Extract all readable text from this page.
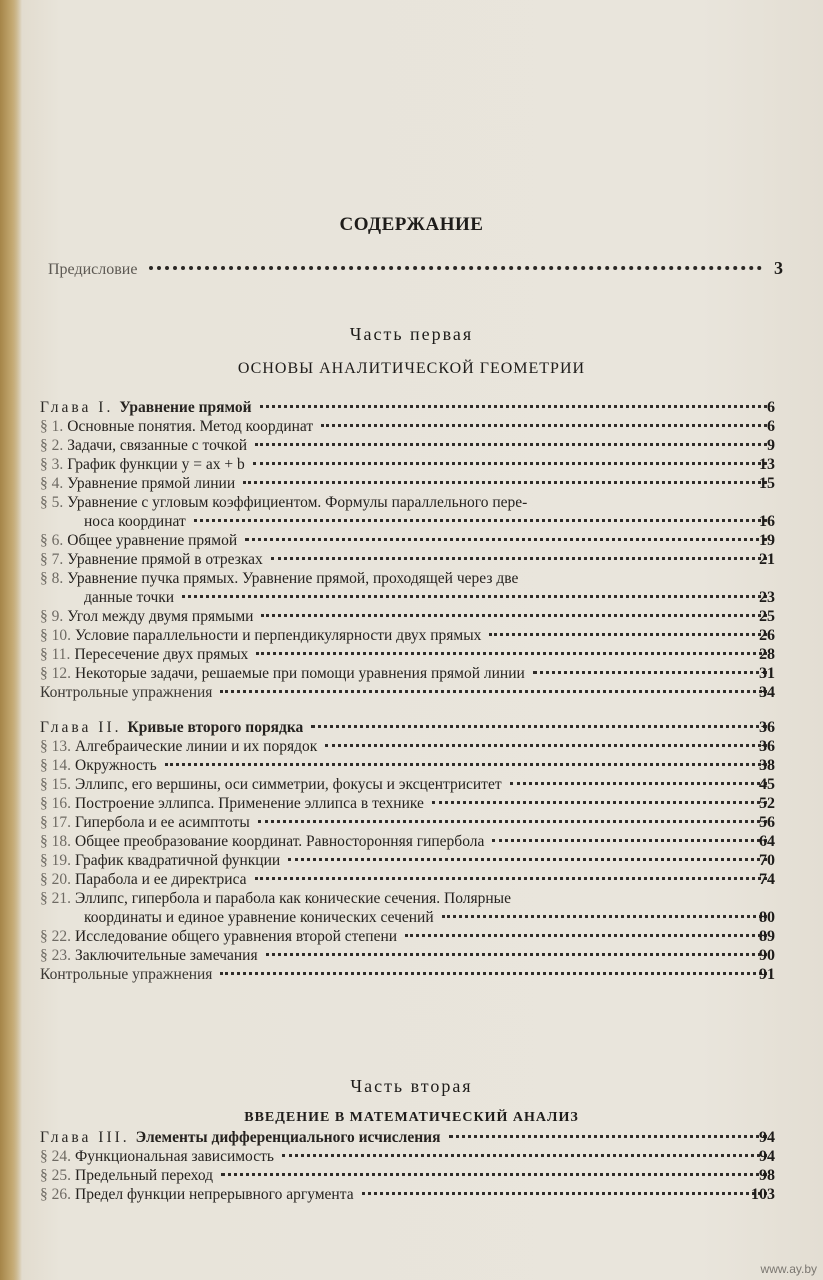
СОДЕРЖАНИЕ
Предисловие	3
Часть первая
ОСНОВЫ АНАЛИТИЧЕСКОЙ ГЕОМЕТРИИ
Глава I. Уравнение прямой	6
§ 1. Основные понятия. Метод координат	6
§ 2. Задачи, связанные с точкой	9
§ 3. График функции y = ax + b	13
§ 4. Уравнение прямой линии	15
§ 5. Уравнение с угловым коэффициентом. Формулы параллельного пере-
носа координат	16
§ 6. Общее уравнение прямой	19
§ 7. Уравнение прямой в отрезках	21
§ 8. Уравнение пучка прямых. Уравнение прямой, проходящей через две
данные точки	23
§ 9. Угол между двумя прямыми	25
§ 10. Условие параллельности и перпендикулярности двух прямых	26
§ 11. Пересечение двух прямых	28
§ 12. Некоторые задачи, решаемые при помощи уравнения прямой линии	31
Контрольные упражнения	34
Глава II. Кривые второго порядка	36
§ 13. Алгебраические линии и их порядок	36
§ 14. Окружность	38
§ 15. Эллипс, его вершины, оси симметрии, фокусы и эксцентриситет	45
§ 16. Построение эллипса. Применение эллипса в технике	52
§ 17. Гипербола и ее асимптоты	56
§ 18. Общее преобразование координат. Равносторонняя гипербола	64
§ 19. График квадратичной функции	70
§ 20. Парабола и ее директриса	74
§ 21. Эллипс, гипербола и парабола как конические сечения. Полярные
координаты и единое уравнение конических сечений	80
§ 22. Исследование общего уравнения второй степени	89
§ 23. Заключительные замечания	90
Контрольные упражнения	91
Часть вторая
ВВЕДЕНИЕ В МАТЕМАТИЧЕСКИЙ АНАЛИЗ
Глава III. Элементы дифференциального исчисления	94
§ 24. Функциональная зависимость	94
§ 25. Предельный переход	98
§ 26. Предел функции непрерывного аргумента	103
www.ay.by
